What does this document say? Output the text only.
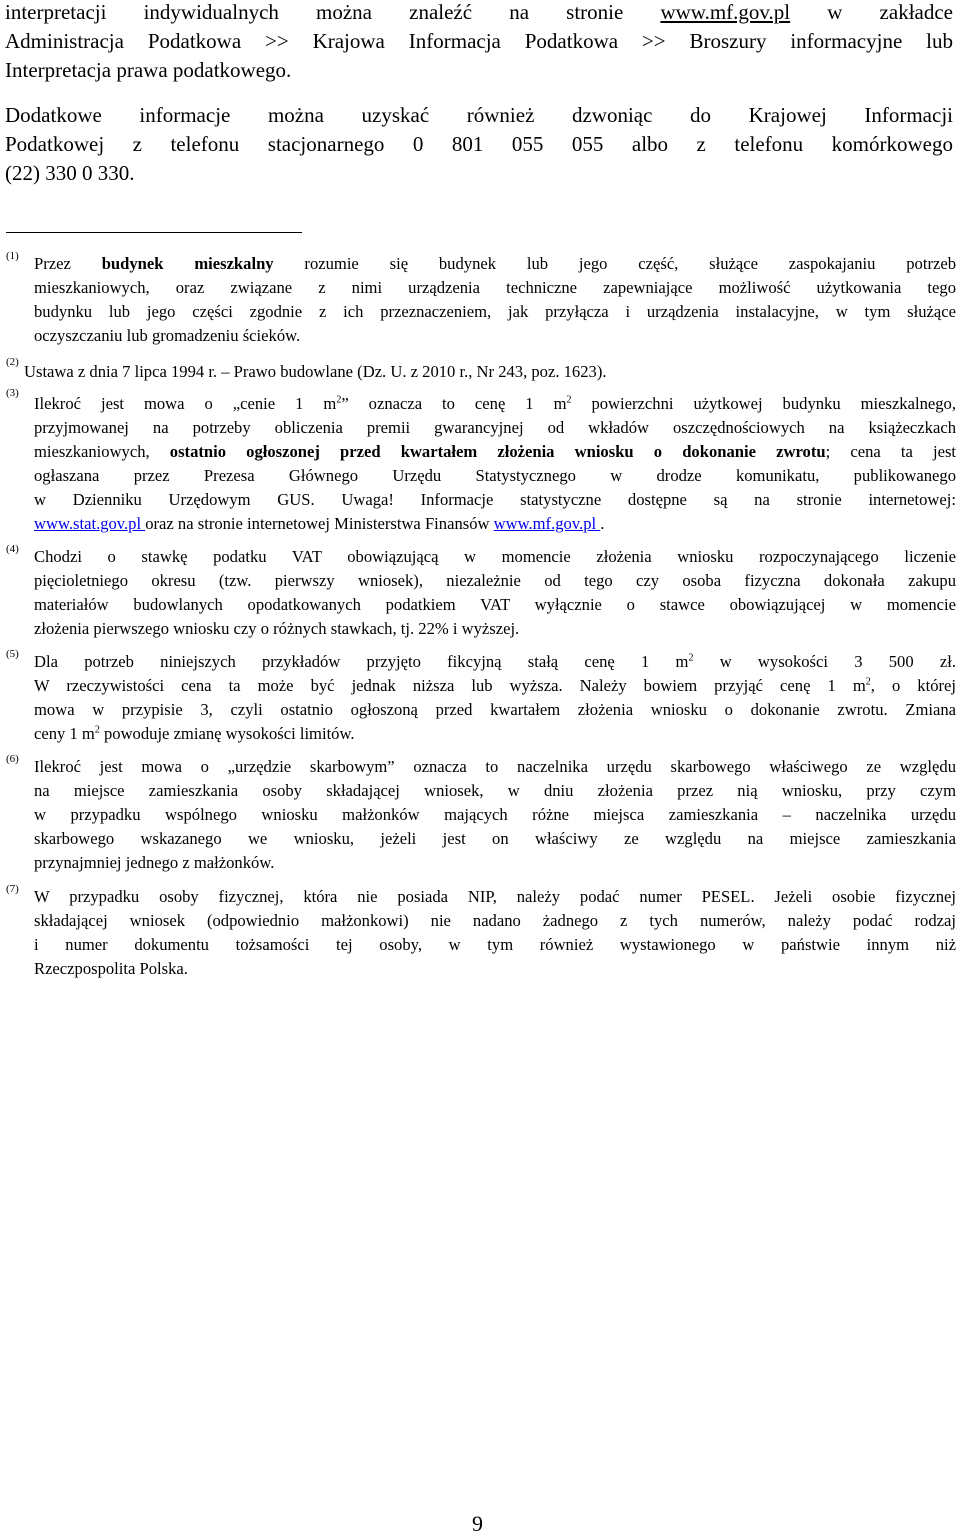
interpretacji indywidualnych można znaleźć na stronie www.mf.gov.pl w zakładce

Administracja Podatkowa >> Krajowa Informacja Podatkowa >> Broszury informacyjne lub

Interpretacja prawa podatkowego.

Dodatkowe informacje można uzyskać również dzwoniąc do Krajowej Informacji

Podatkowej z telefonu stacjonarnego 0 801 055 055 albo z telefonu komórkowego

(22) 330 0 330.

(1) Przez budynek mieszkalny rozumie się budynek lub jego część, służące zaspokajaniu potrzeb
mieszkaniowych, oraz związane z nimi urządzenia techniczne zapewniające możliwość użytkowania tego
budynku lub jego części zgodnie z ich przeznaczeniem, jak przyłącza i urządzenia instalacyjne, w tym służące
oczyszczaniu lub gromadzeniu ścieków.

(2) Ustawa z dnia 7 lipca 1994 r. – Prawo budowlane (Dz. U. z 2010 r., Nr 243, poz. 1623).

(3)

Ilekroć jest mowa o „cenie 1 $m^2$” oznacza to cenę 1 $m^2$ powierzchni użytkowej budynku mieszkalnego,
przyjmowanej na potrzeby obliczenia premii gwarancyjnej od wkładów oszczędnościowych na książeczkach
mieszkaniowych, ostatnio ogłoszonej przed kwartałem złożenia wniosku o dokonanie zwrotu; cena ta jest
ogłaszana przez Prezesa Głównego Urzędu Statystycznego w drodze komunikatu, publikowanego
w Dzienniku Urzędowym GUS. Uwaga! Informacje statystyczne dostępne są na stronie internetowej:
www.stat.gov.pl oraz na stronie internetowej Ministerstwa Finansów www.mf.gov.pl .

(4) Chodzi o stawkę podatku VAT obowiązującą w momencie złożenia wniosku rozpoczynającego liczenie
pięcioletniego okresu (tzw. pierwszy wniosek), niezależnie od tego czy osoba fizyczna dokonała zakupu
materiałów budowlanych opodatkowanych podatkiem VAT wyłącznie o stawce obowiązującej w momencie
złożenia pierwszego wniosku czy o różnych stawkach, tj. 22% i wyższej.

(5) Dla potrzeb niniejszych przykładów przyjęto fikcyjną stałą cenę 1 $m^2$ w wysokości 3 500 zł.
W rzeczywistości cena ta może być jednak niższa lub wyższa. Należy bowiem przyjąć cenę 1 $m^2$, o której
mowa w przypisie 3, czyli ostatnio ogłoszoną przed kwartałem złożenia wniosku o dokonanie zwrotu. Zmiana
ceny 1 $m^2$ powoduje zmianę wysokości limitów.

(6) Ilekroć jest mowa o „urzędzie skarbowym” oznacza to naczelnika urzędu skarbowego właściwego ze względu
na miejsce zamieszkania osoby składającej wniosek, w dniu złożenia przez nią wniosku, przy czym
w przypadku wspólnego wniosku małżonków mających różne miejsca zamieszkania – naczelnika urzędu
skarbowego wskazanego we wniosku, jeżeli jest on właściwy ze względu na miejsce zamieszkania
przynajmniej jednego z małżonków.

(7) W przypadku osoby fizycznej, która nie posiada NIP, należy podać numer PESEL. Jeżeli osobie fizycznej
składającej wniosek (odpowiednio małżonkowi) nie nadano żadnego z tych numerów, należy podać rodzaj
i numer dokumentu tożsamości tej osoby, w tym również wystawionego w państwie innym niż
Rzeczpospolita Polska.

9
